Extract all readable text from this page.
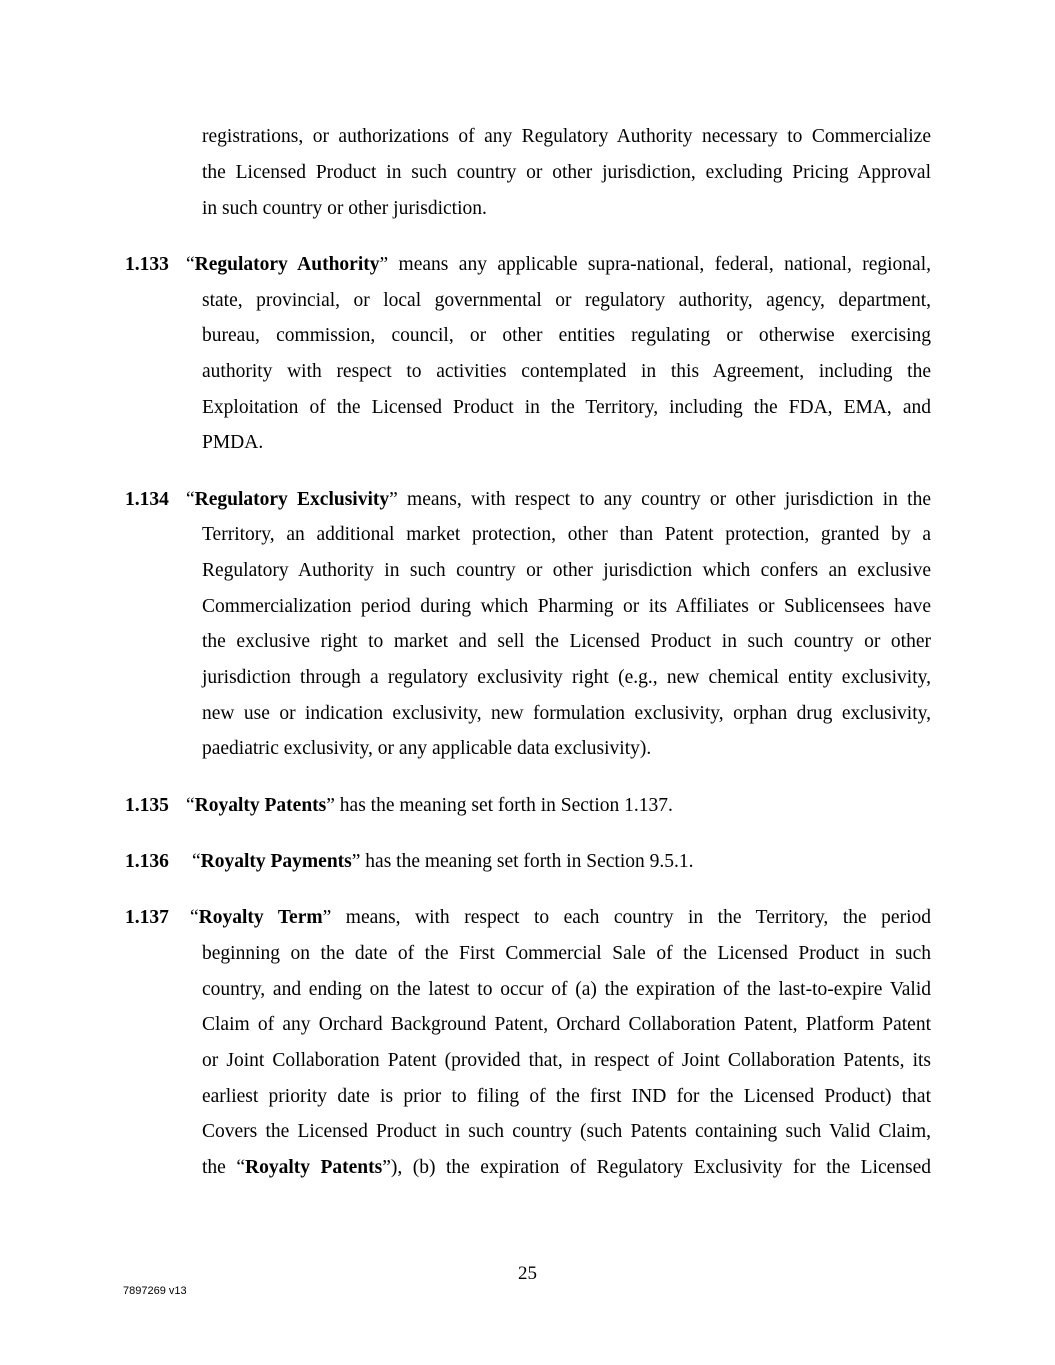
registrations, or authorizations of any Regulatory Authority necessary to Commercialize
the Licensed Product in such country or other jurisdiction, excluding Pricing Approval
in such country or other jurisdiction.
1.133 “Regulatory Authority” means any applicable supra-national, federal, national, regional,
state, provincial, or local governmental or regulatory authority, agency, department,
bureau, commission, council, or other entities regulating or otherwise exercising
authority with respect to activities contemplated in this Agreement, including the
Exploitation of the Licensed Product in the Territory, including the FDA, EMA, and
PMDA.
1.134 “Regulatory Exclusivity” means, with respect to any country or other jurisdiction in the
Territory, an additional market protection, other than Patent protection, granted by a
Regulatory Authority in such country or other jurisdiction which confers an exclusive
Commercialization period during which Pharming or its Affiliates or Sublicensees have
the exclusive right to market and sell the Licensed Product in such country or other
jurisdiction through a regulatory exclusivity right (e.g., new chemical entity exclusivity,
new use or indication exclusivity, new formulation exclusivity, orphan drug exclusivity,
paediatric exclusivity, or any applicable data exclusivity).
1.135 “Royalty Patents” has the meaning set forth in Section 1.137.
1.136 “Royalty Payments” has the meaning set forth in Section 9.5.1.
1.137 “Royalty Term” means, with respect to each country in the Territory, the period
beginning on the date of the First Commercial Sale of the Licensed Product in such
country, and ending on the latest to occur of (a) the expiration of the last-to-expire Valid
Claim of any Orchard Background Patent, Orchard Collaboration Patent, Platform Patent
or Joint Collaboration Patent (provided that, in respect of Joint Collaboration Patents, its
earliest priority date is prior to filing of the first IND for the Licensed Product) that
Covers the Licensed Product in such country (such Patents containing such Valid Claim,
the “Royalty Patents”), (b) the expiration of Regulatory Exclusivity for the Licensed
25
7897269 v13
